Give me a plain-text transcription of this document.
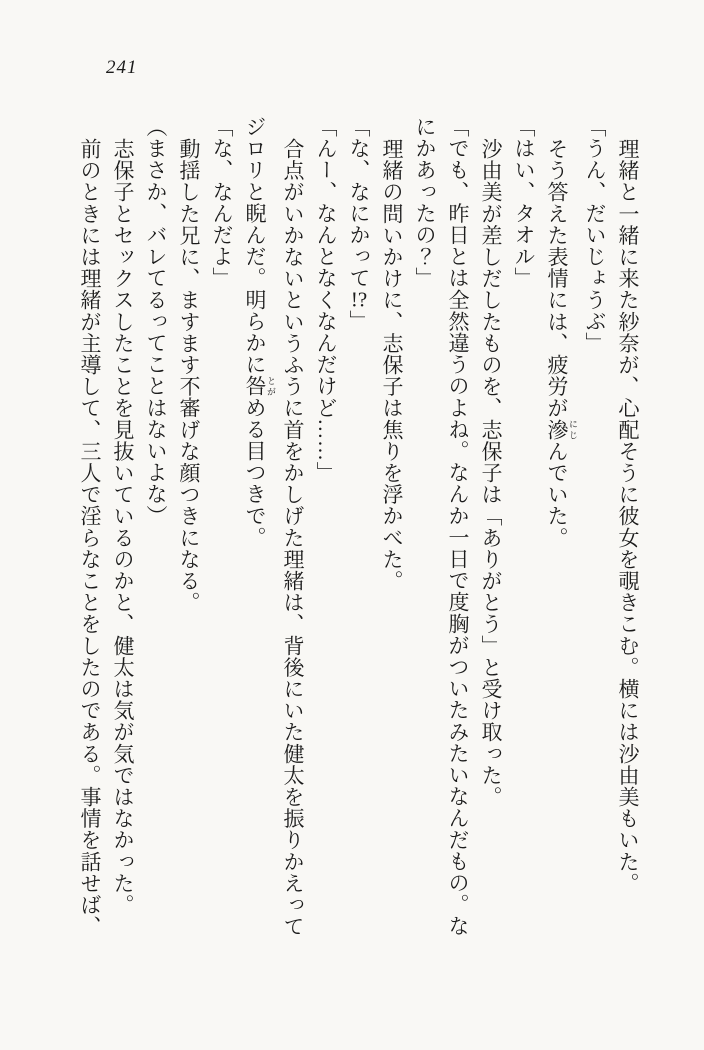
241

理緒と一緒に来た紗奈が、心配そうに彼女を覗きこむ。横には沙由美もいた。

「うん、だいじょうぶ」

そう答えた表情には、疲労が滲 にじんでいた。

「はい、タオル」

沙由美が差しだしたものを、志保子は「ありがとう」と受け取った。

「でも、昨日とは全然違うのよね。なんか一日で度胸がついたみたいなんだもの。な

にかあったの？」

理緒の問いかけに、志保子は焦りを浮かべた。

「な、なにかって!?」

「んー、なんとなくなんだけど……」

合点がいかないというふうに首をかしげた理緒は、背後にいた健太を振りかえって

ジロリと睨んだ。明らかに咎 とがめる目つきで。

「な、なんだよ」

動揺した兄に、ますます不審げな顔つきになる。

（まさか、バレてるってことはないよな）

志保子とセックスしたことを見抜いているのかと、健太は気が気ではなかった。

前のときには理緒が主導して、三人で淫らなことをしたのである。事情を話せば、
